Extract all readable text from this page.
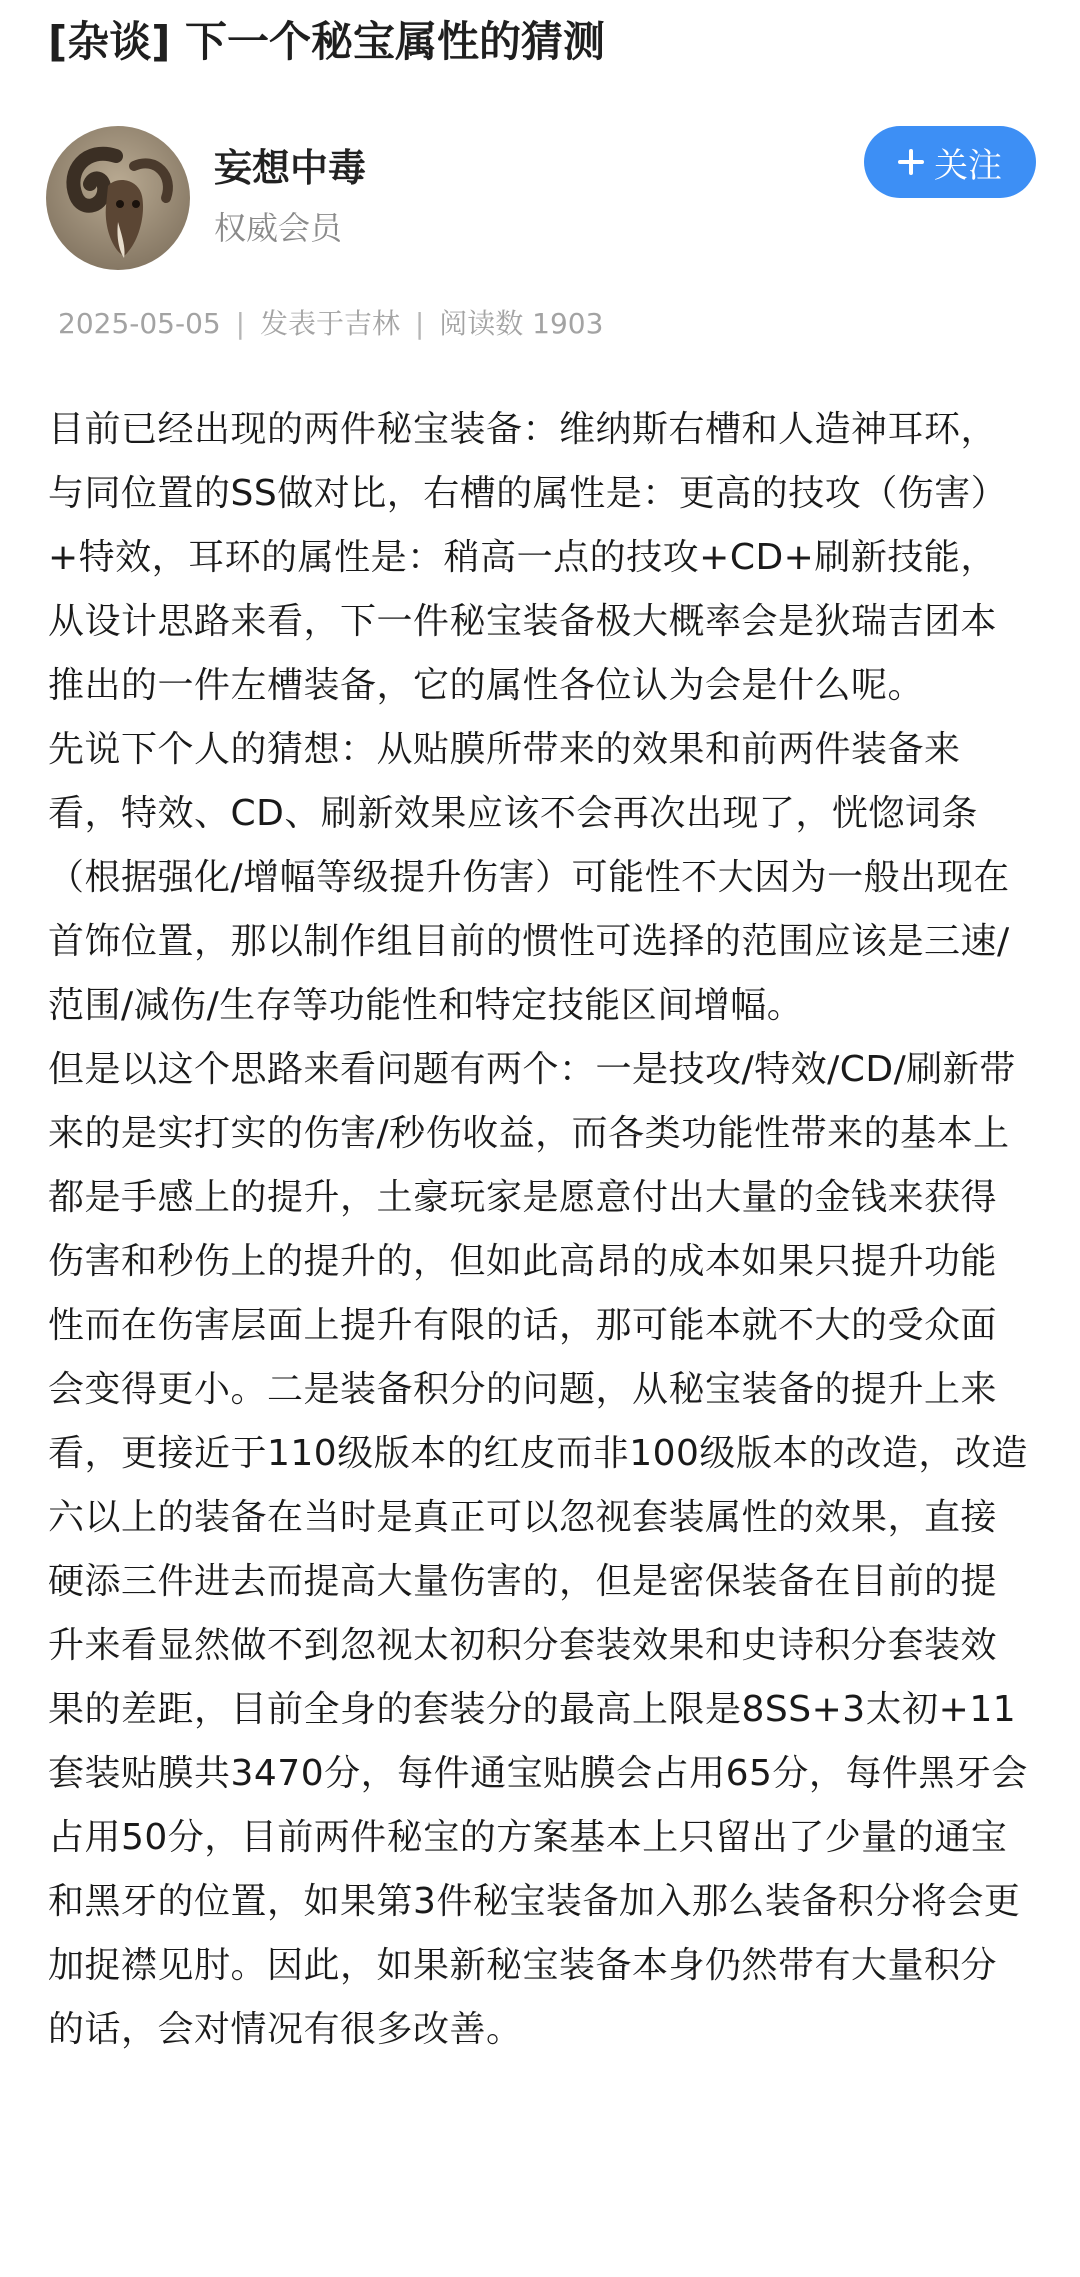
[杂谈] 下一个秘宝属性的猜测
妄想中毒
权威会员
关注
2025-05-05 | 发表于吉林 | 阅读数 1903

目前已经出现的两件秘宝装备：维纳斯右槽和人造神耳环，与同位置的SS做对比，右槽的属性是：更高的技攻（伤害）+特效，耳环的属性是：稍高一点的技攻+CD+刷新技能，从设计思路来看，下一件秘宝装备极大概率会是狄瑞吉团本推出的一件左槽装备，它的属性各位认为会是什么呢。

先说下个人的猜想：从贴膜所带来的效果和前两件装备来看，特效、CD、刷新效果应该不会再次出现了，恍惚词条（根据强化/增幅等级提升伤害）可能性不大因为一般出现在首饰位置，那以制作组目前的惯性可选择的范围应该是三速/范围/减伤/生存等功能性和特定技能区间增幅。

但是以这个思路来看问题有两个：一是技攻/特效/CD/刷新带来的是实打实的伤害/秒伤收益，而各类功能性带来的基本上都是手感上的提升，土豪玩家是愿意付出大量的金钱来获得伤害和秒伤上的提升的，但如此高昂的成本如果只提升功能性而在伤害层面上提升有限的话，那可能本就不大的受众面会变得更小。二是装备积分的问题，从秘宝装备的提升上来看，更接近于110级版本的红皮而非100级版本的改造，改造六以上的装备在当时是真正可以忽视套装属性的效果，直接硬添三件进去而提高大量伤害的，但是密保装备在目前的提升来看显然做不到忽视太初积分套装效果和史诗积分套装效果的差距，目前全身的套装分的最高上限是8SS+3太初+11套装贴膜共3470分，每件通宝贴膜会占用65分，每件黑牙会占用50分，目前两件秘宝的方案基本上只留出了少量的通宝和黑牙的位置，如果第3件秘宝装备加入那么装备积分将会更加捉襟见肘。因此，如果新秘宝装备本身仍然带有大量积分的话，会对情况有很多改善。
